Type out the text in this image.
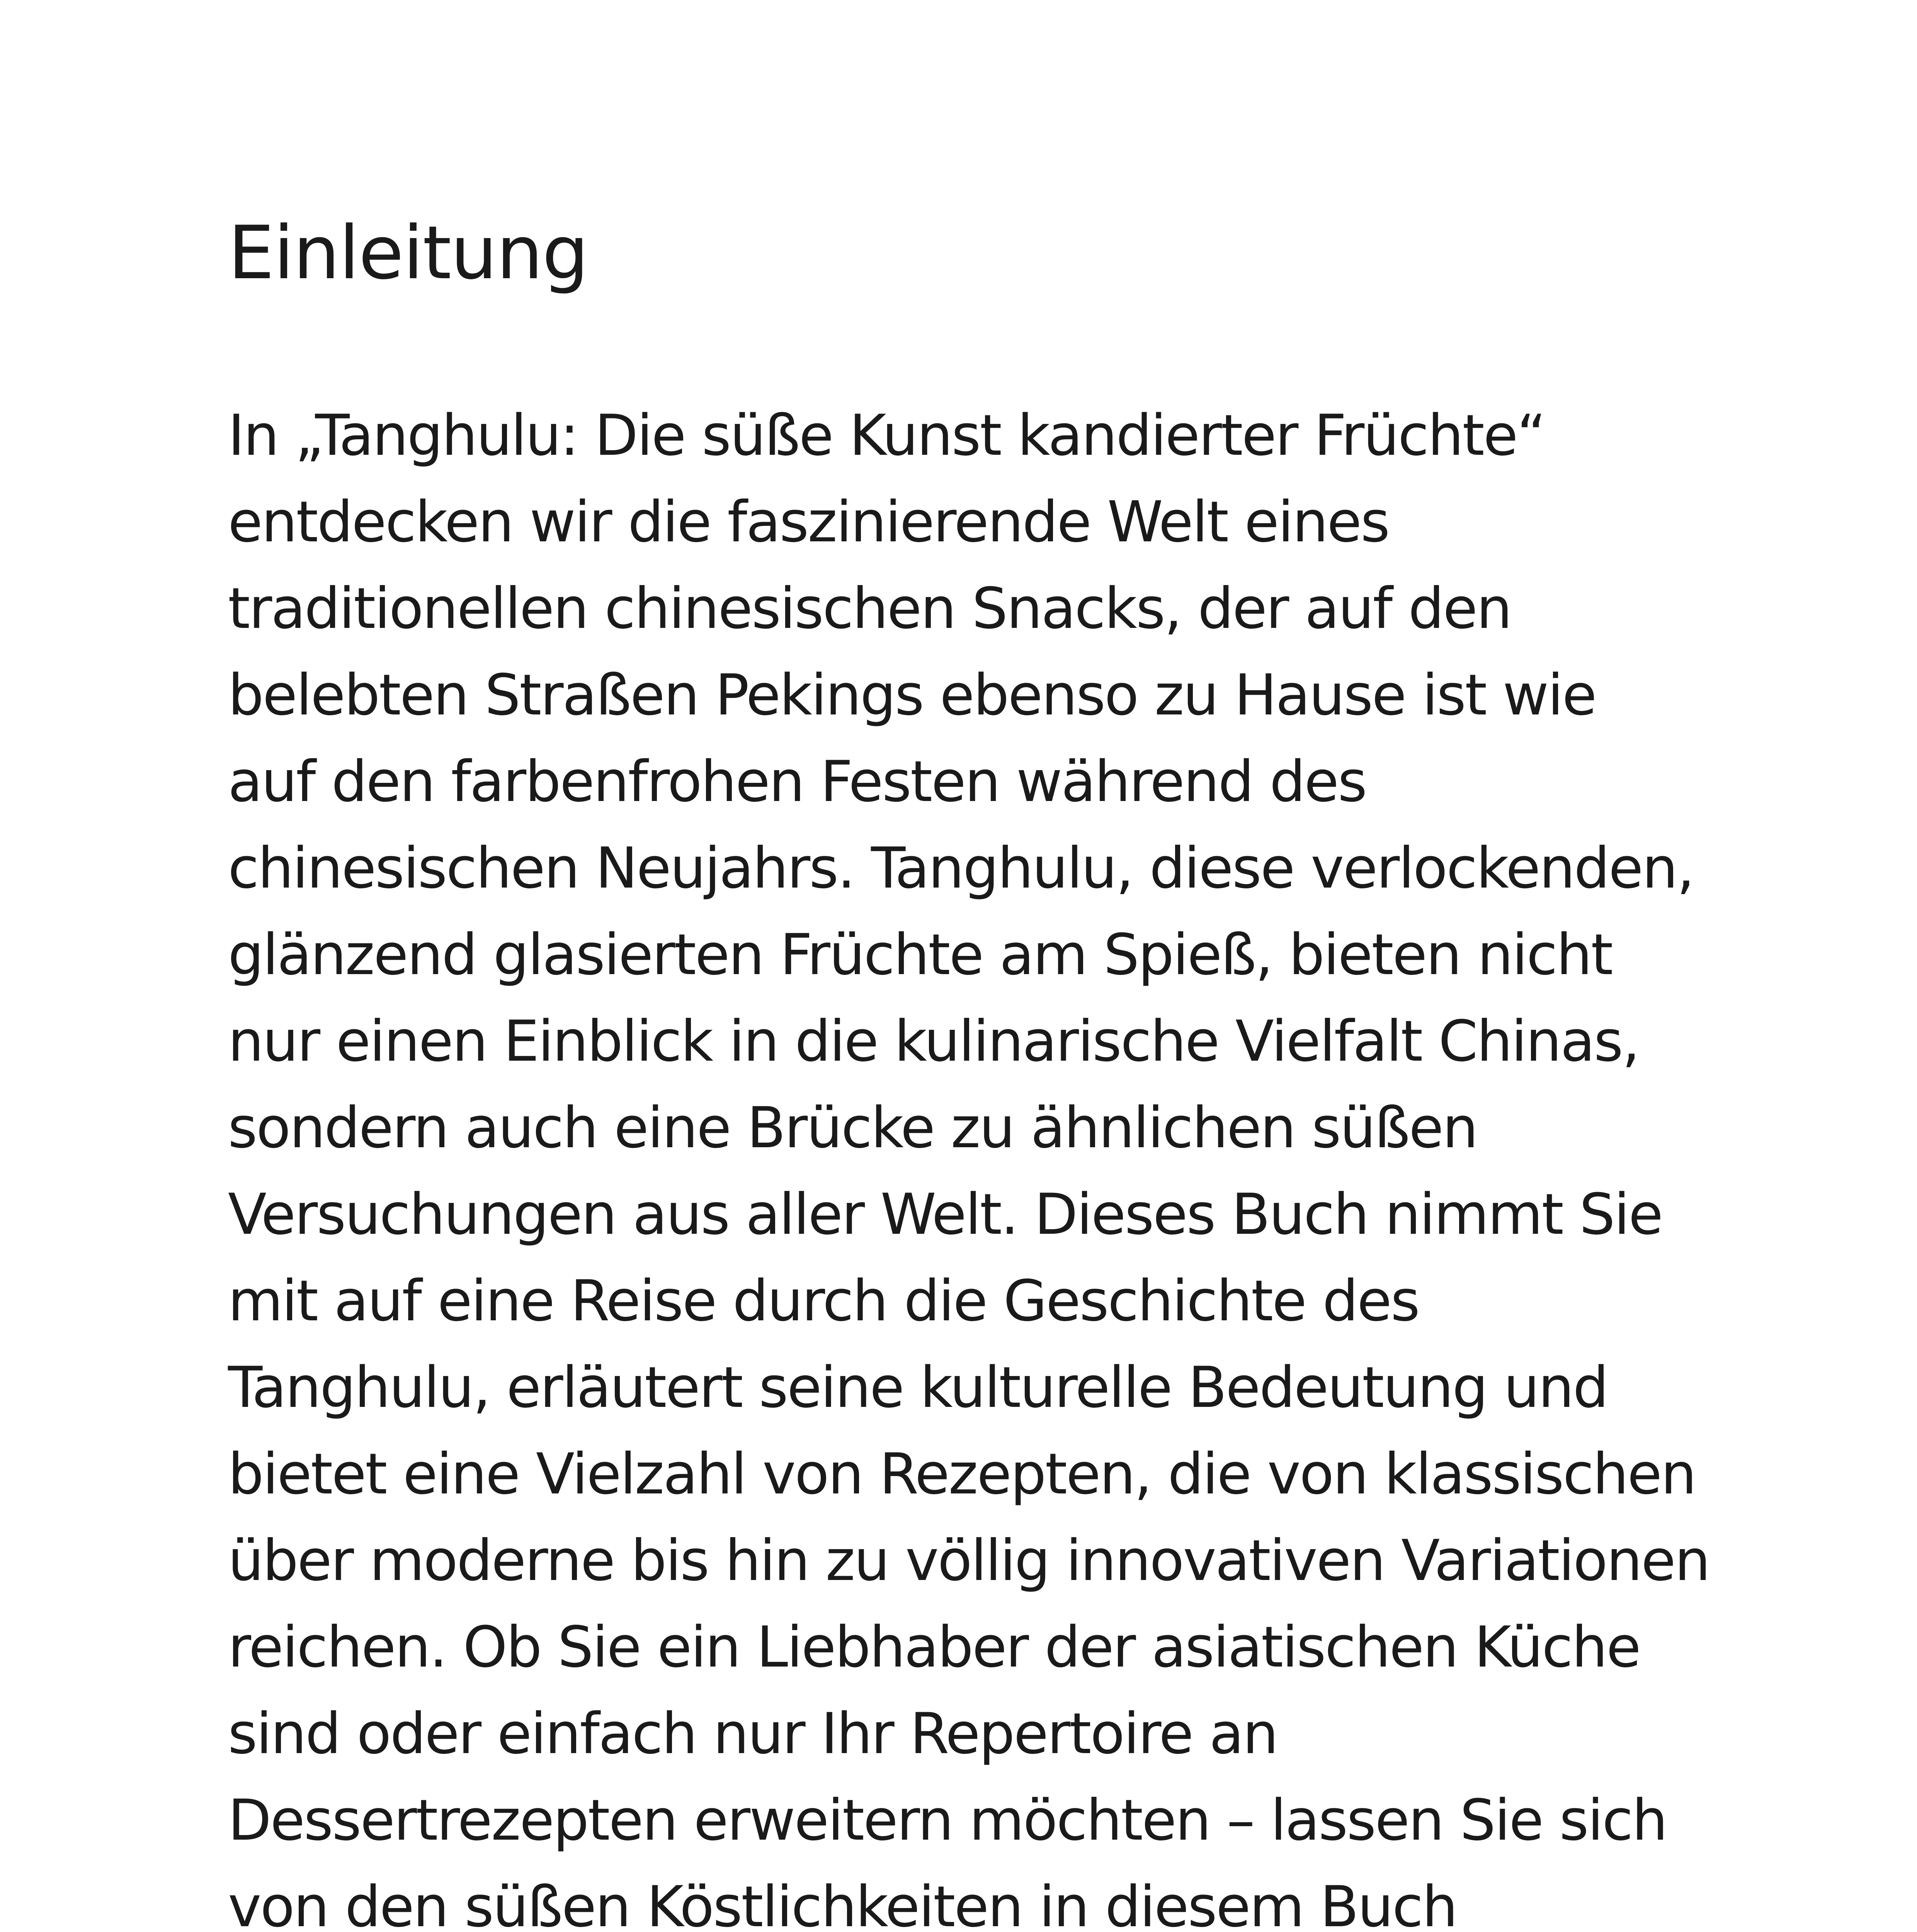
Einleitung
In „Tanghulu: Die süße Kunst kandierter Früchte“
entdecken wir die faszinierende Welt eines
traditionellen chinesischen Snacks, der auf den
belebten Straßen Pekings ebenso zu Hause ist wie
auf den farbenfrohen Festen während des
chinesischen Neujahrs. Tanghulu, diese verlockenden,
glänzend glasierten Früchte am Spieß, bieten nicht
nur einen Einblick in die kulinarische Vielfalt Chinas,
sondern auch eine Brücke zu ähnlichen süßen
Versuchungen aus aller Welt. Dieses Buch nimmt Sie
mit auf eine Reise durch die Geschichte des
Tanghulu, erläutert seine kulturelle Bedeutung und
bietet eine Vielzahl von Rezepten, die von klassischen
über moderne bis hin zu völlig innovativen Variationen
reichen. Ob Sie ein Liebhaber der asiatischen Küche
sind oder einfach nur Ihr Repertoire an
Dessertrezepten erweitern möchten – lassen Sie sich
von den süßen Köstlichkeiten in diesem Buch
